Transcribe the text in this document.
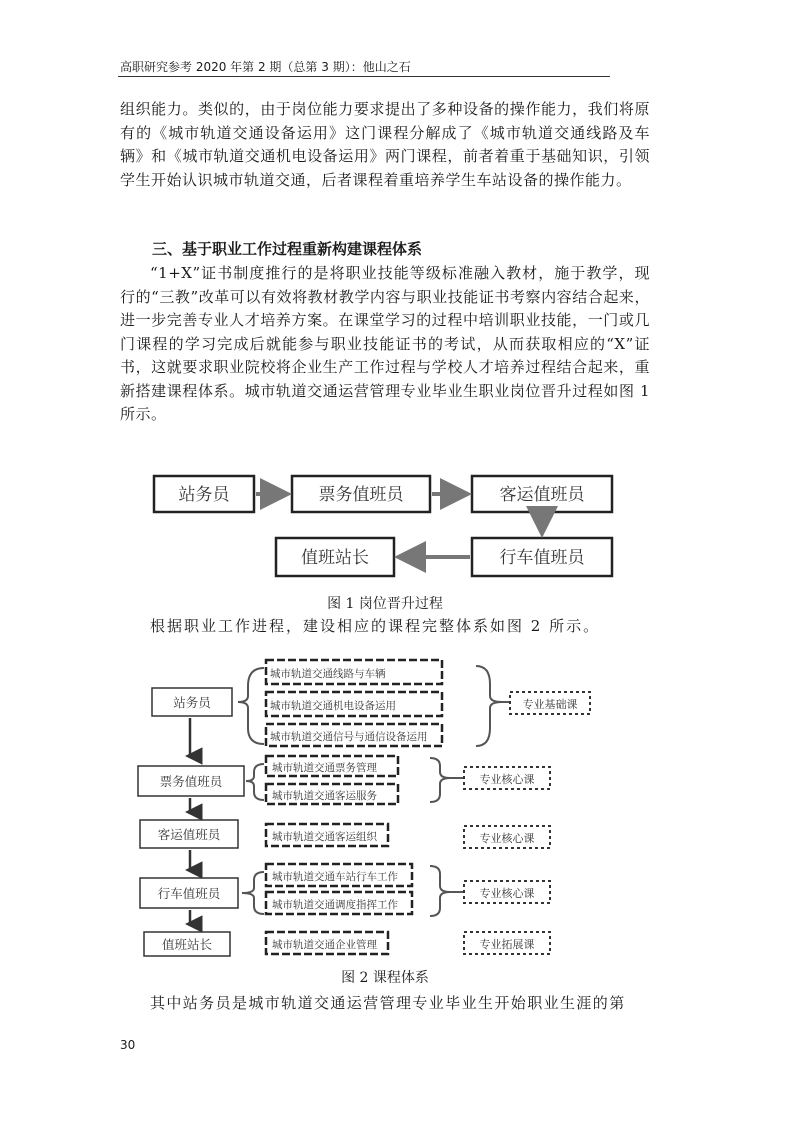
高职研究参考 2020 年第 2 期（总第 3 期）：他山之石

组织能力。类似的，由于岗位能力要求提出了多种设备的操作能力，我们将原有的《城市轨道交通设备运用》这门课程分解成了《城市轨道交通线路及车辆》和《城市轨道交通机电设备运用》两门课程，前者着重于基础知识，引领学生开始认识城市轨道交通，后者课程着重培养学生车站设备的操作能力。

三、基于职业工作过程重新构建课程体系

“1+X”证书制度推行的是将职业技能等级标准融入教材，施于教学，现行的“三教”改革可以有效将教材教学内容与职业技能证书考察内容结合起来，进一步完善专业人才培养方案。在课堂学习的过程中培训职业技能，一门或几门课程的学习完成后就能参与职业技能证书的考试，从而获取相应的“X”证书，这就要求职业院校将企业生产工作过程与学校人才培养过程结合起来，重新搭建课程体系。城市轨道交通运营管理专业毕业生职业岗位晋升过程如图 1 所示。

站务员	票务值班员	客运值班员
行车值班员
值班站长
图 1 岗位晋升过程

根据职业工作进程，建设相应的课程完整体系如图 2 所示。

站务员
票务值班员
客运值班员
行车值班员
值班站长
城市轨道交通线路与车辆
城市轨道交通机电设备运用
城市轨道交通信号与通信设备运用
城市轨道交通票务管理
城市轨道交通客运服务
城市轨道交通客运组织
城市轨道交通车站行车工作
城市轨道交通调度指挥工作
城市轨道交通企业管理
专业基础课
专业核心课
专业核心课
专业核心课
专业拓展课
图 2 课程体系

其中站务员是城市轨道交通运营管理专业毕业生开始职业生涯的第

30
